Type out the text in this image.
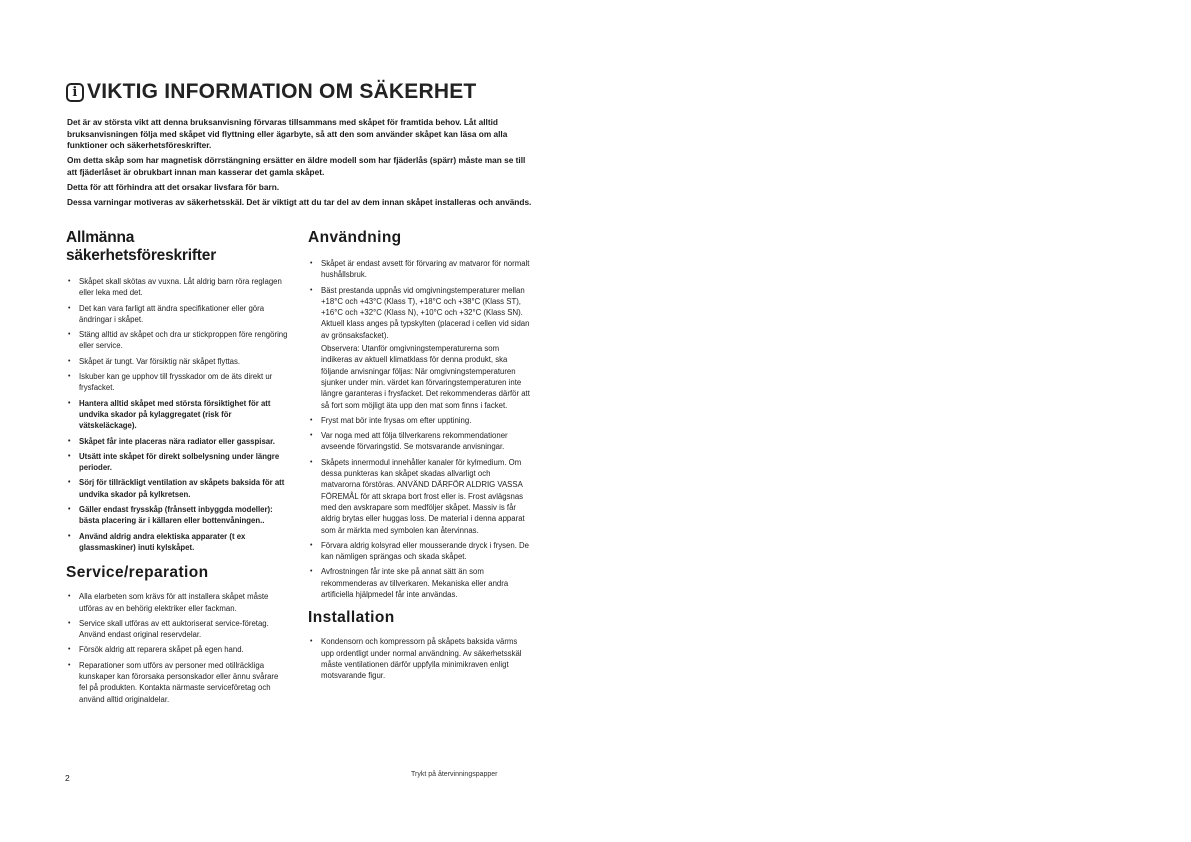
i VIKTIG INFORMATION OM SÄKERHET

Det är av största vikt att denna bruksanvisning förvaras tillsammans med skåpet för framtida behov. Låt alltid bruksanvisningen följa med skåpet vid flyttning eller ägarbyte, så att den som använder skåpet kan läsa om alla funktioner och säkerhetsföreskrifter.

Om detta skåp som har magnetisk dörrstängning ersätter en äldre modell som har fjäderlås (spärr) måste man se till att fjäderlåset är obrukbart innan man kasserar det gamla skåpet.

Detta för att förhindra att det orsakar livsfara för barn.

Dessa varningar motiveras av säkerhetsskäl. Det är viktigt att du tar del av dem innan skåpet installeras och används.

Allmänna säkerhetsföreskrifter
• Skåpet skall skötas av vuxna. Låt aldrig barn röra reglagen eller leka med det.
• Det kan vara farligt att ändra specifikationer eller göra ändringar i skåpet.
• Stäng alltid av skåpet och dra ur stickproppen före rengöring eller service.
• Skåpet är tungt. Var försiktig när skåpet flyttas.
• Iskuber kan ge upphov till frysskador om de äts direkt ur frysfacket.
• Hantera alltid skåpet med största försiktighet för att undvika skador på kylaggregatet (risk för vätskeläckage).
• Skåpet får inte placeras nära radiator eller gasspisar.
• Utsätt inte skåpet för direkt solbelysning under längre perioder.
• Sörj för tillräckligt ventilation av skåpets baksida för att undvika skador på kylkretsen.
• Gäller endast frysskåp (frånsett inbyggda modeller): bästa placering är i källaren eller bottenvåningen..
• Använd aldrig andra elektiska apparater (t ex glassmaskiner) inuti kylskåpet.
Service/reparation
• Alla elarbeten som krävs för att installera skåpet måste utföras av en behörig elektriker eller fackman.
• Service skall utföras av ett auktoriserat service-företag. Använd endast original reservdelar.
• Försök aldrig att reparera skåpet på egen hand.
• Reparationer som utförs av personer med otillräckliga kunskaper kan förorsaka personskador eller ännu svårare fel på produkten. Kontakta närmaste serviceföretag och använd alltid originaldelar.
Användning
• Skåpet är endast avsett för förvaring av matvaror för normalt hushållsbruk.
• Bäst prestanda uppnås vid omgivningstemperaturer mellan +18°C och +43°C (Klass T), +18°C och +38°C (Klass ST), +16°C och +32°C (Klass N), +10°C och +32°C (Klass SN). Aktuell klass anges på typskylten (placerad i cellen vid sidan av grönsaksfacket).
Observera: Utanför omgivningstemperaturerna som indikeras av aktuell klimatklass för denna produkt, ska följande anvisningar följas: När omgivningstemperaturen sjunker under min. värdet kan förvaringstemperaturen inte längre garanteras i frysfacket. Det rekommenderas därför att så fort som möjligt äta upp den mat som finns i facket.
• Fryst mat bör inte frysas om efter upptining.
• Var noga med att följa tillverkarens rekommendationer avseende förvaringstid. Se motsvarande anvisningar.
• Skåpets innermodul innehåller kanaler för kylmedium. Om dessa punkteras kan skåpet skadas allvarligt och matvarorna förstöras. ANVÄND DÄRFÖR ALDRIG VASSA FÖREMÅL för att skrapa bort frost eller is. Frost avlägsnas med den avskrapare som medföljer skåpet. Massiv is får aldrig brytas eller huggas loss. De material i denna apparat som är märkta med symbolen kan återvinnas.
• Förvara aldrig kolsyrad eller mousserande dryck i frysen. De kan nämligen sprängas och skada skåpet.
• Avfrostningen får inte ske på annat sätt än som rekommenderas av tillverkaren. Mekaniska eller andra artificiella hjälpmedel får inte användas.
Installation
• Kondensorn och kompressorn på skåpets baksida värms upp ordentligt under normal användning. Av säkerhetsskäl måste ventilationen därför uppfylla minimikraven enligt motsvarande figur.
2	Trykt på återvinningspapper
